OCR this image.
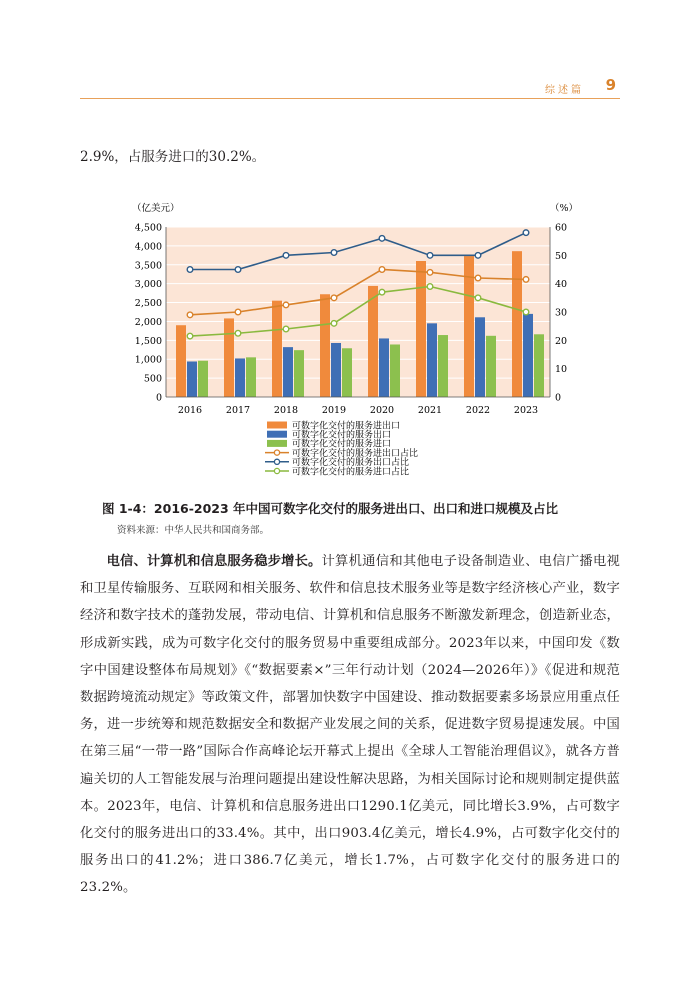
综述篇 9
2.9%，占服务进口的30.2%。
0
500
1,000
1,500
2,000
2,500
3,000
3,500
4,000
4,500
0
10
20
30
40
50
60
2016	2017	2018	2019	2020	2021	2022	2023
（亿美元）	（%）
可数字化交付的服务进出口
可数字化交付的服务出口
可数字化交付的服务进口
可数字化交付的服务进出口占比
可数字化交付的服务出口占比
可数字化交付的服务进口占比
图 1-4：2016-2023 年中国可数字化交付的服务进出口、出口和进口规模及占比
资料来源：中华人民共和国商务部。

电信、计算机和信息服务稳步增长。计算机通信和其他电子设备制造业、电信广播电视和卫星传输服务、互联网和相关服务、软件和信息技术服务业等是数字经济核心产业，数字经济和数字技术的蓬勃发展，带动电信、计算机和信息服务不断激发新理念，创造新业态，形成新实践，成为可数字化交付的服务贸易中重要组成部分。2023年以来，中国印发《数字中国建设整体布局规划》《“数据要素×”三年行动计划（2024—2026年）》《促进和规范数据跨境流动规定》等政策文件，部署加快数字中国建设、推动数据要素多场景应用重点任务，进一步统筹和规范数据安全和数据产业发展之间的关系，促进数字贸易提速发展。中国在第三届“一带一路”国际合作高峰论坛开幕式上提出《全球人工智能治理倡议》，就各方普遍关切的人工智能发展与治理问题提出建设性解决思路，为相关国际讨论和规则制定提供蓝本。2023年，电信、计算机和信息服务进出口1290.1亿美元，同比增长3.9%，占可数字化交付的服务进出口的33.4%。其中，出口903.4亿美元，增长4.9%，占可数字化交付的服务出口的41.2%；进口386.7亿美元，增长1.7%，占可数字化交付的服务进口的23.2%。
